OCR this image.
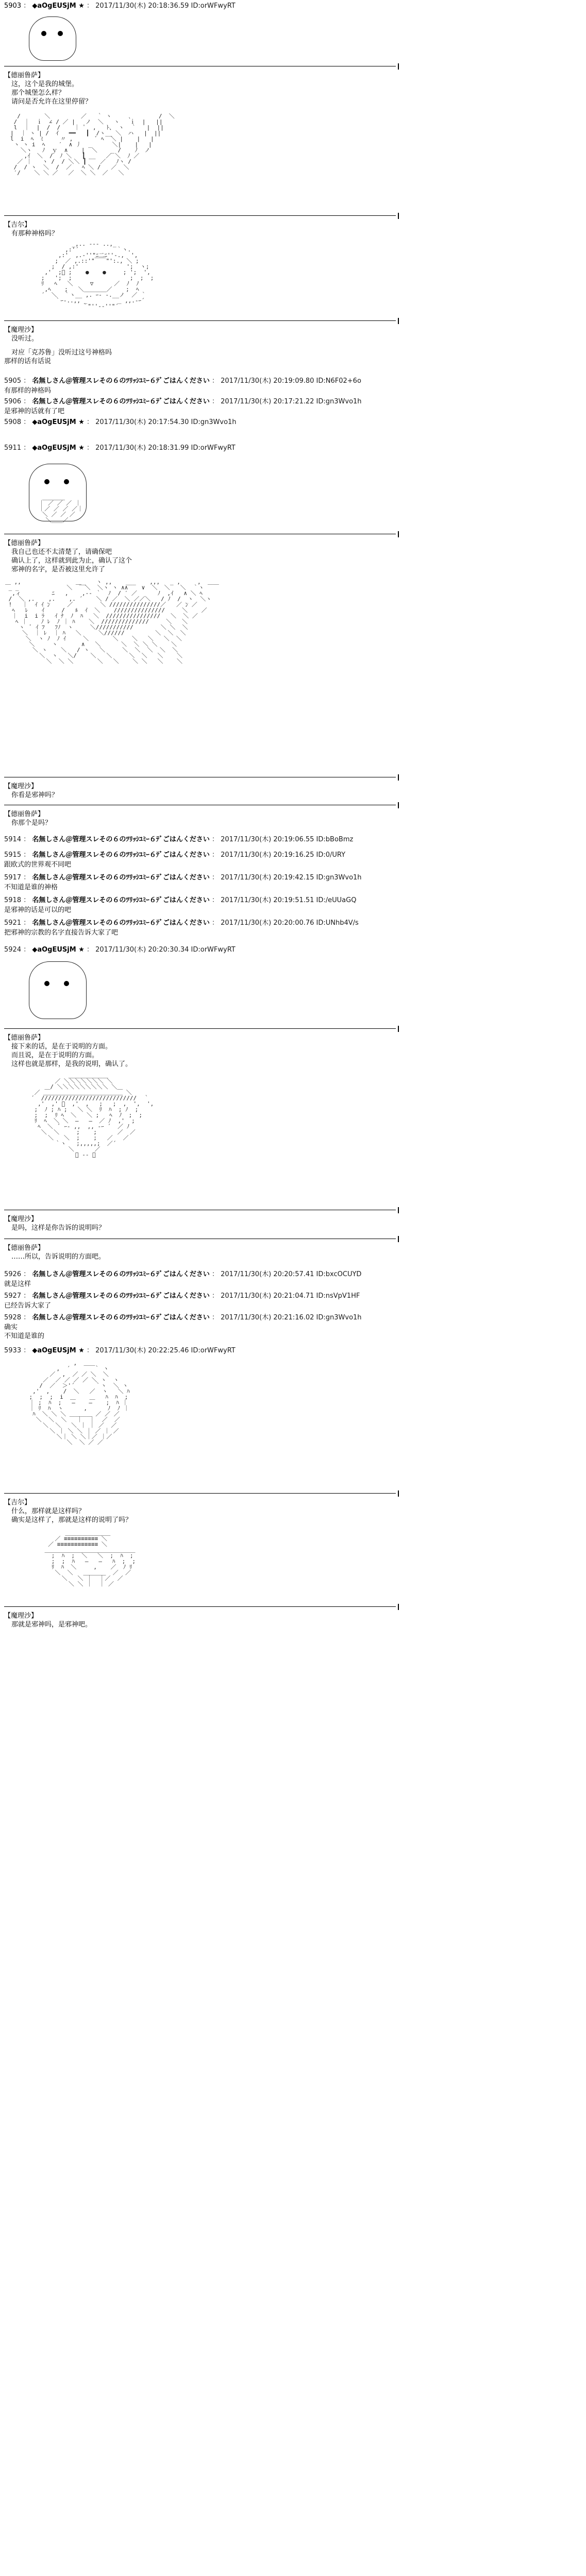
5903 ： ◆aOgEUSjM ★ ： 2017/11/30(木) 20:18:36.59 ID:orWFwyRT
【德丽鲁萨】
这，这个是我的城堡。
那个城堡怎么样？
请问是否允许在这里停留？
/       ＼         ／   ｀ ヽ     ､        /  ＼
/  ｜  ｉ  ∠ / ／ |   ノ  ＼   ヽ   ｉ  |   ||
l  ｜  |  /  /    ｜ ﾟ  ,   ﾄ、 ヽ  ｀   |  ||
|  ｜ ヽ | /  ｲ   ━━   ┃  /ヽ__ ＼  ハ   |  ||
l  i  ﾍ  ﾐ     〃 ,       ﾞ ﾍ  ＼ |    |   |
ヽ ヽ i  ﾍ    ′  ∧ 丿  _      ＼|    |   |
＼ヽ   ﾉ  ｙ  ∧    |  ＼    _ /    ﾉ  ノ
,ｲ  ＼  /  ﾉ ＼   ┃ __   ／ ＼  ﾉ ／
／ ｜   ヽ /  / ＼＼ ┃    ／   ﾉヽ /
/  / ヽ  ＼  /  ／   ﾍ ＼ /   ／  ＼
′/    ＼ ＼ ／   ／  ＼ ＼  ／   ＼
【吉尔】
有那种神格吗？
_,.. -‐- ..,_
,:'´           ｀ヽ.
,:'  ,.-''"ﾆ二ﾆ''-.,  ',
;  ／ ,.::'"￣￣"':., ＼ ;
;  / ,:'              ';  ヽ;
,'  ;ﾞ ;    ●    ●     ; ';  ',
;   ';  ;                 ;  ;  ;
ﾘ   ﾍ   ＼     ▽      ／  ﾉ  ﾉ
,ﾍ    ;   ＼＿＿＿＿／    ;  ﾍ
´  ＼  ｀ヽ__ ,. ｰ‐ -.__ノ  ／ ｀
｀ｰ-..,, _         _ ,,.-ｰ´
｀"''‐‐''"´
【魔理沙】
没听过。
对应「克苏鲁」没听过这号神格吗
那样的话有话说
5905 ： 名無しさん＠管理スレその６のﾂﾘｯｼﾕﾐｰ６ﾃﾞごはんください ： 2017/11/30(木) 20:19:09.80 ID:N6F02+6o
有那样的神格吗
5906 ： 名無しさん＠管理スレその６のﾂﾘｯｼﾕﾐｰ６ﾃﾞごはんください ： 2017/11/30(木) 20:17:21.22 ID:gn3Wvo1h
是邪神的话就有了吧
5908 ： ◆aOgEUSjM ★ ： 2017/11/30(木) 20:17:54.30 ID:gn3Wvo1h
5911 ： ◆aOgEUSjM ★ ： 2017/11/30(木) 20:18:31.99 ID:orWFwyRT
＿＿＿＿
｜ ／ ／ ／ ｜
｜／ ／ ／ ／｜
＼ ／ ／ ／
＼＿＿／
【德丽鲁萨】
我自己也还不太清楚了，请确保吧
确认上了，这样就到此为止，确认了这个
邪神的名字，是否被这里允许了
＿ ,,                 __   ヽ ,,    ___    ,,,   _ ,     ,  ＿＿
_ _              ＼ ￣ ＼  ＼ヽ ヽ ∧∧    ∨  ＼  ＼   ＼  ｀ヽ
,ィ         ﾆ   ,    ,-‐ ｀  ﾉ  / ′ ／      ﾉ  ,ｲ   ∧ ＼ ﾍ
/  ＼ ,.    ,.    ,. ´    ＼ / ／  ＼ ／／＼   / ﾉ  /  ヽ  ＼ヽ
!   ｜  ｲ ｲ ﾝ     ／        ＼ ///////////////／   ／ ﾝ ／
ﾍ   ﾚ    ｲ     /   ﾙ  ｲ  ＼    ///////////////     ＼    ／
｜  i  i ﾗ   ｲ ﾅ  ﾉ  ﾊ   ＼  ////////////////   ＼  ＼ ／
ﾍ ｜    ﾉ ﾚ  ﾉ ｜ ﾊ    ＼  //////////////     ＼   ＼
ヽ  ﾞ ｲ ﾌ   ﾌﾉ  ヽ     ＼///////////        ＼ ＼  ＼
＼  ｜ ﾚ  ｜ ﾊ   ＼     ＼//////         ＼  ＼  ＼
＼  ヽ ﾉ  ﾉ ｲ     ＼       ＼    ＼   ＼   ＼  ＼
＼     ヽ       ∧   ＼      ＼  ＼ ＼ ＼    ＼
＼ ヽ    ＼   / ヽ   ＼     ＼  ＼  ＼  ＼  ＼
＼  ヽ   ＼/    ＼   ＼     ＼  ＼   ＼    ＼
＼  ＼ ＼       ＼   ＼    ＼ ＼   ＼    ＼
【魔理沙】
你看是邪神吗？
【德丽鲁萨】
你那个是吗？
5914 ： 名無しさん＠管理スレその６のﾂﾘｯｼﾕﾐｰ６ﾃﾞごはんください ： 2017/11/30(木) 20:19:06.55 ID:bBoBmz
5915 ： 名無しさん＠管理スレその６のﾂﾘｯｼﾕﾐｰ６ﾃﾞごはんください ： 2017/11/30(木) 20:19:16.25 ID:0/URY
跟欧式的世界观不同吧
5917 ： 名無しさん＠管理スレその６のﾂﾘｯｼﾕﾐｰ６ﾃﾞごはんください ： 2017/11/30(木) 20:19:42.15 ID:gn3Wvo1h
不知道是谁的神格
5918 ： 名無しさん＠管理スレその６のﾂﾘｯｼﾕﾐｰ６ﾃﾞごはんください ： 2017/11/30(木) 20:19:51.51 ID:/eUUaGQ
是邪神的话是可以的吧
5921 ： 名無しさん＠管理スレその６のﾂﾘｯｼﾕﾐｰ６ﾃﾞごはんください ： 2017/11/30(木) 20:20:00.76 ID:UNhb4V/s
把邪神的宗教的名字直接告诉大家了吧
5924 ： ◆aOgEUSjM ★ ： 2017/11/30(木) 20:20:30.34 ID:orWFwyRT
【德丽鲁萨】
接下来的话，是在于说明的方面。
而且说，是在于说明的方面。
这样也就是那样，是我的说明，确认了。
＿＿＿＿＿＿＿
／ ＼＼＼＼＼＼＼ ＼
＿/ ＼＼＼＼＼＼＼＼＼ ＼＿
／ ＿＿＿＿＿＿＿＿＿＿＿＿＿＿ ＼
´  ////////////////////////////  ｀
,'  ,' ﾞ  ,'  ,   ;   ;  ,  ',  ',
;  ﾉ ; ﾊ ;   ＼ ＼  ﾘ  ﾊ  ; ﾉ  ;
;  ;  ﾘ ﾍ  ＼   ＼ ;   ﾍ  ﾉ  ;  ;
ﾘ  ﾍ  ＼ ＼  ―   ―  ／ ﾉ  ,'  ;
ﾍ  ＼  ﾞ ｰ‐ ,,  ,, ‐ｰ ´  ／ ﾉ
＼  ＼     ;    ;      ／  ／
＼   ＼  ;    ;   ／   ／
｀ヽ   ;,,,,,;  ／´
＼      ／
ﾞ ‐‐ ﾞ
【魔理沙】
是吗，这样是你告诉的说明吗？
【德丽鲁萨】
……所以，告诉说明的方面吧。
5926 ： 名無しさん＠管理スレその６のﾂﾘｯｼﾕﾐｰ６ﾃﾞごはんください ： 2017/11/30(木) 20:20:57.41 ID:bxcOCUYD
就是这样
5927 ： 名無しさん＠管理スレその６のﾂﾘｯｼﾕﾐｰ６ﾃﾞごはんください ： 2017/11/30(木) 20:21:04.71 ID:nsVpV1HF
已经告诉大家了
5928 ： 名無しさん＠管理スレその６のﾂﾘｯｼﾕﾐｰ６ﾃﾞごはんください ： 2017/11/30(木) 20:21:16.02 ID:gn3Wvo1h
确实
不知道是谁的
5933 ： ◆aOgEUSjM ★ ： 2017/11/30(木) 20:22:25.46 ID:orWFwyRT
,  ＿＿
,  ´       ｀ ヽ
／  ,  ／ ／ ＼  ＼
／  ／ ／ ／ ／ ＼ ヽ  ヽ
/  ／  ＞'´      ｀ヽ  ＼ ヽ
,'  ,    /  ＼   ／  ヽ   ＼ ﾊ
;  ;  ;  i  ＿    ＿   ﾊ  ﾊ  ;
｜ ;  ﾊ  ;   ―    ―    ;  ﾊ ｜
｜ ﾘ  ﾊ  ヽ      ,      ﾉ  ﾉ ｜
ﾊ  ＼ ＼ ＼ ＿＿＿＿ ／ ／ ／
＼  ＼  ＼   ｜  ｜  ／  ／
＼  ＼   ＼ ｜ ｜ ／  ／
＼ ｜ ＼ ＼ ｜ ／ ｜ ／
＼｜ ＼ ＼｜／ ｜／
＼  ＼ ／ ／
【吉尔】
什么，那样就是这样吗？
确实是这样了，那就是这样的说明了吗？
＿＿＿＿＿＿＿＿
／ ≡≡≡≡≡≡≡≡≡≡ ＼
／ ≡≡≡≡≡≡≡≡≡≡≡≡ ＼
＿＿＿＿＿＿＿＿＿＿＿＿＿＿＿＿
;  ﾊ  ;  ＼   ＼  ;  ﾊ  ;
;  ;  ﾊ   ―   ―   ﾊ  ;  ;
ﾘ  ﾊ  ＼     ,    ／  ﾉ ﾘ
＼  ＼   ＿＿＿＿  ／  ／
＼   ＼ ｜  ｜／  ／
＼ ＼ ｜  ｜ ／
【魔理沙】
那就是邪神吗，是邪神吧。
